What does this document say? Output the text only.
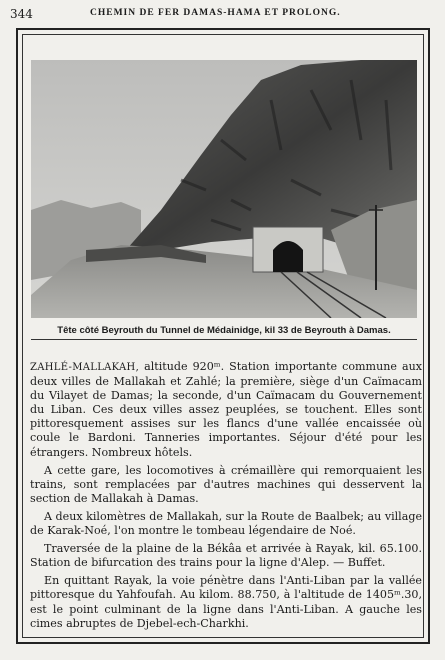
344	CHEMIN DE FER DAMAS-HAMA ET PROLONG.
Tête côté Beyrouth du Tunnel de Médainidge, kil 33 de Beyrouth à Damas.

ZAHLÉ-MALLAKAH, altitude 920ᵐ. Station importante commune aux deux villes de Mallakah et Zahlé; la première, siège d'un Caïmacam du Vilayet de Damas; la seconde, d'un Caïmacam du Gouvernement du Liban. Ces deux villes assez peuplées, se touchent. Elles sont pittoresquement assises sur les flancs d'une vallée encaissée où coule le Bardoni. Tanneries importantes. Séjour d'été pour les étrangers. Nombreux hôtels.

A cette gare, les locomotives à crémaillère qui remorquaient les trains, sont remplacées par d'autres machines qui desservent la section de Mallakah à Damas.

A deux kilomètres de Mallakah, sur la Route de Baalbek; au village de Karak-Noé, l'on montre le tombeau légendaire de Noé.

Traversée de la plaine de la Békâa et arrivée à Rayak, kil. 65.100. Station de bifurcation des trains pour la ligne d'Alep. — Buffet.

En quittant Rayak, la voie pénètre dans l'Anti-Liban par la vallée pittoresque du Yahfoufah. Au kilom. 88.750, à l'altitude de 1405ᵐ.30, est le point culminant de la ligne dans l'Anti-Liban. A gauche les cimes abruptes de Djebel-ech-Charkhi.
